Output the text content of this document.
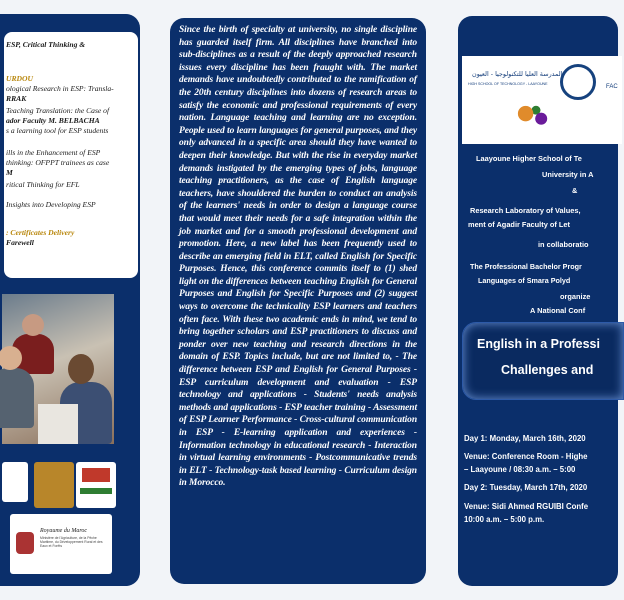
ESP, Critical Thinking &
URDOU
ological Research in ESP: Transla-
RRAK
Teaching Translation: the Case of
ador Faculty M. BELBACHA
s a learning tool for ESP students
ills in the Enhancement of ESP
thinking: OFPPT trainees as case
M
ritical Thinking for EFL
Insights into Developing ESP
: Certificates Delivery
Farewell
Royaume du Maroc
Ministère de l'Agriculture, de la Pêche Maritime, du Développement Rural et des Eaux et Forêts
Since the birth of specialty at university, no single discipline has guarded itself firm. All disciplines have branched into sub-disciplines as a result of the deeply approached research issues every discipline has been fraught with. The market demands have undoubtedly contributed to the ramification of the 20th century disciplines into dozens of research areas to satisfy the economic and professional requirements of every nation. Language teaching and learning are no exception. People used to learn languages for general purposes, and they only advanced in a specific area should they have wanted to deepen their knowledge. But with the rise in everyday market demands instigated by the emerging types of jobs, language teaching practitioners, as the case of English language teachers, have shouldered the burden to conduct an analysis of the learners' needs in order to design a language course that would meet their needs for a safe integration within the job market and for a smooth professional development and promotion. Here, a new label has been frequently used to describe an emerging field in ELT, called English for Specific Purposes. Hence, this conference commits itself to (1) shed light on the differences between teaching English for General Purposes and English for Specific Purposes and (2) suggest ways to overcome the technicality ESP learners and teachers often face. With these two academic ends in mind, we tend to bring together scholars and ESP practitioners to discuss and ponder over new teaching and research directions in the domain of ESP. Topics include, but are not limited to, - The difference between ESP and English for General Purposes - ESP curriculum development and evaluation - ESP technology and applications - Students' needs analysis methods and applications - ESP teacher training - Assessment of ESP Learner Performance - Cross-cultural communication in ESP - E-learning application and experiences - Information technology in educational research - Interaction in virtual learning environments - Postcommunicative trends in ELT - Technology-task based learning - Curriculum design in Morocco.
المدرسة العليا للتكنولوجيا - العيون
HIGH SCHOOL OF TECHNOLOGY - LAAYOUNE	FAC
Laayoune Higher School of Te
University in A
&
Research Laboratory of Values,
ment of Agadir Faculty of Let
in collaboratio
The Professional Bachelor Progr
Languages of Smara Polyd
organize
A National Conf
English in a Professi
Challenges and
Day 1: Monday, March 16th, 2020
Venue: Conference Room - Highe
– Laayoune / 08:30 a.m. – 5:00
Day 2: Tuesday, March 17th, 2020
Venue: Sidi Ahmed RGUIBI Confe
10:00 a.m. – 5:00 p.m.
